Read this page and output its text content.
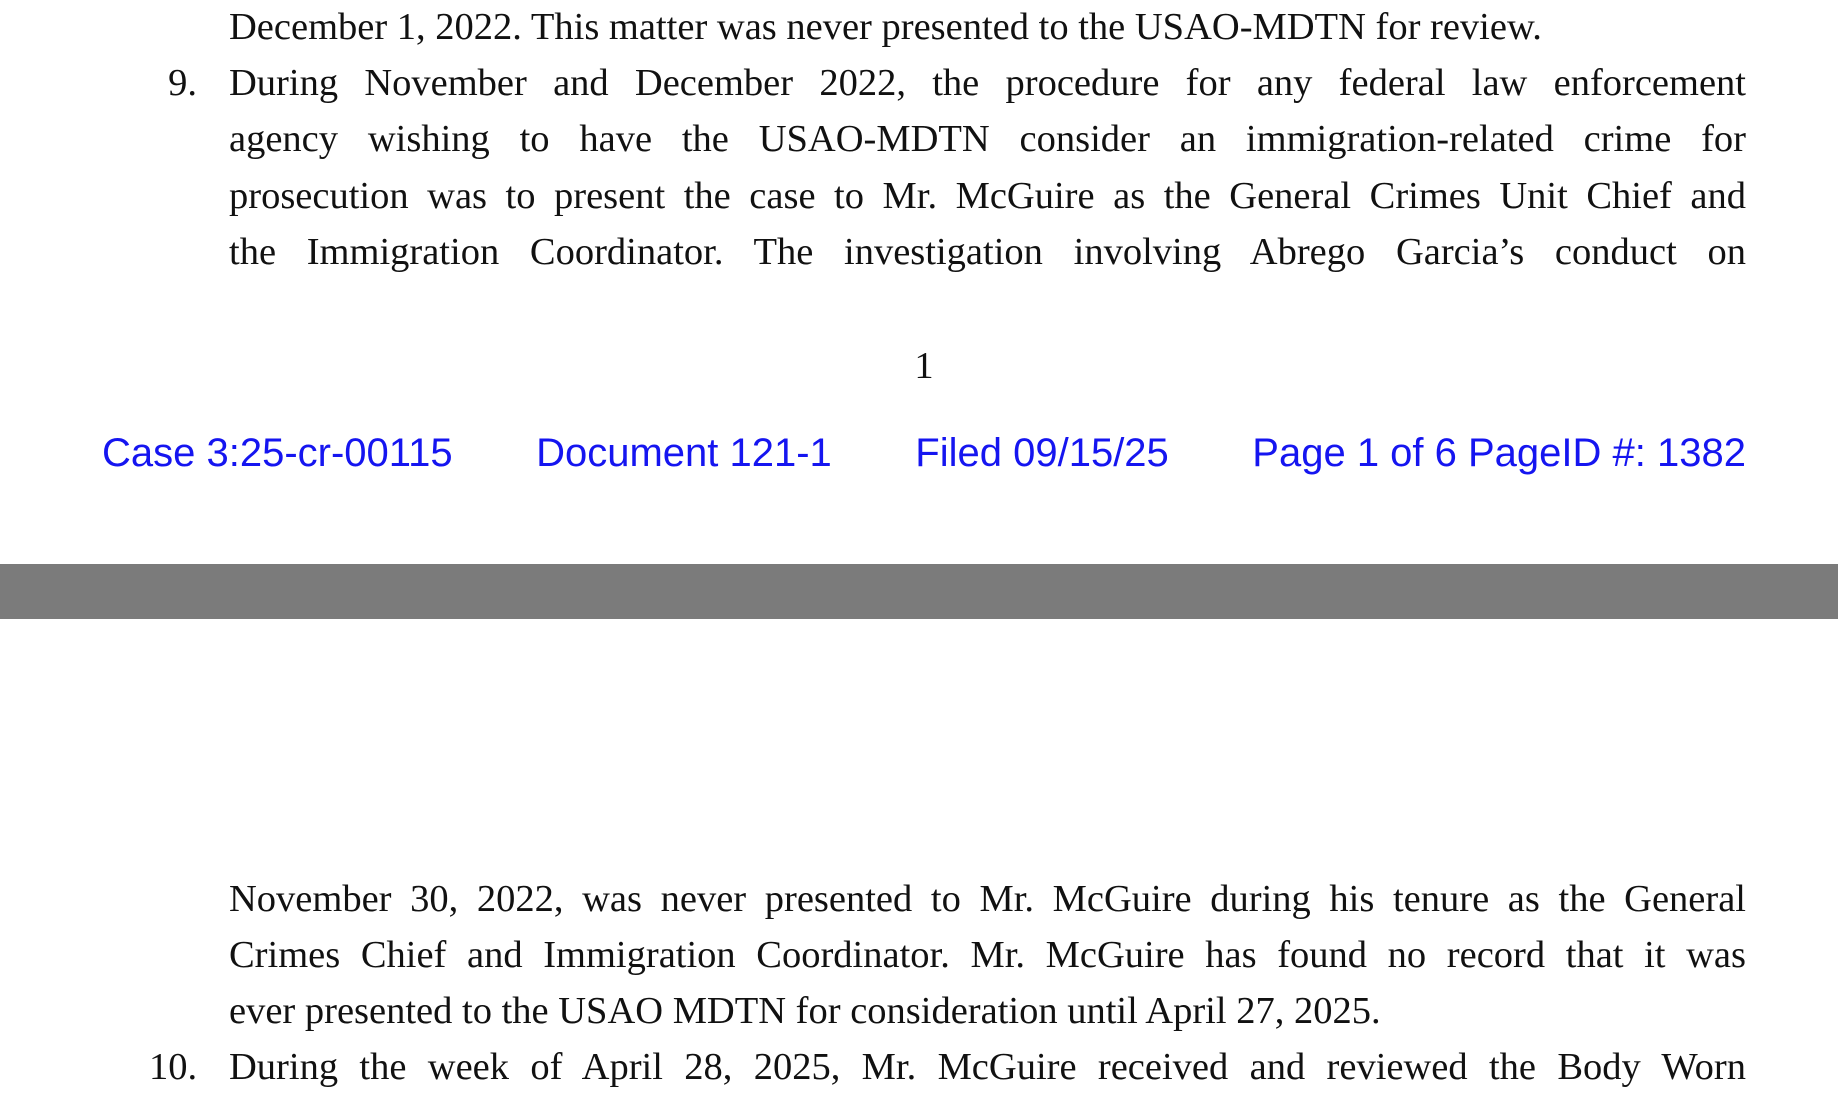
December 1, 2022. This matter was never presented to the USAO-MDTN for review.
9. During November and December 2022, the procedure for any federal law enforcement
agency wishing to have the USAO-MDTN consider an immigration-related crime for
prosecution was to present the case to Mr. McGuire as the General Crimes Unit Chief and
the Immigration Coordinator. The investigation involving Abrego Garcia’s conduct on
1
Case 3:25-cr-00115 Document 121-1 Filed 09/15/25 Page 1 of 6 PageID #: 1382
November 30, 2022, was never presented to Mr. McGuire during his tenure as the General
Crimes Chief and Immigration Coordinator. Mr. McGuire has found no record that it was
ever presented to the USAO MDTN for consideration until April 27, 2025.
10. During the week of April 28, 2025, Mr. McGuire received and reviewed the Body Worn
